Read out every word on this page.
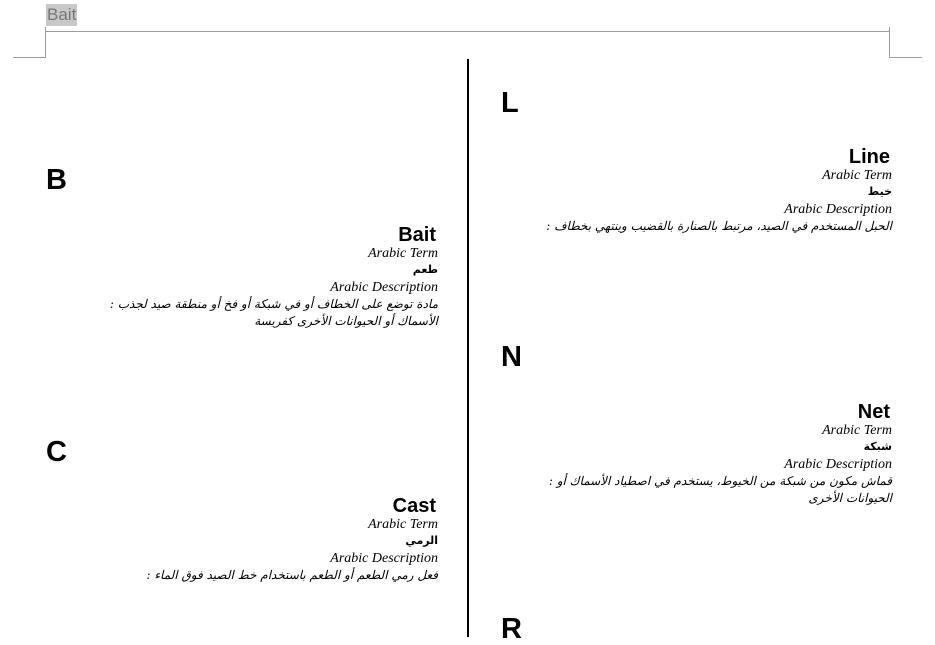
Bait
B
Bait
Arabic Term
طعم
Arabic Description
مادة توضع على الخطاف أو في شبكة أو فخ أو منطقة صيد لجذب :
الأسماك أو الحيوانات الأخرى كفريسة
C
Cast
Arabic Term
الرمي
Arabic Description
فعل رمي الطعم أو الطعم باستخدام خط الصيد فوق الماء :
L
Line
Arabic Term
خيط
Arabic Description
الحبل المستخدم في الصيد، مرتبط بالصنارة بالقضيب وينتهي بخطاف :
N
Net
Arabic Term
شبكة
Arabic Description
قماش مكون من شبكة من الخيوط، يستخدم في اصطياد الأسماك أو :
الحيوانات الأخرى
R
